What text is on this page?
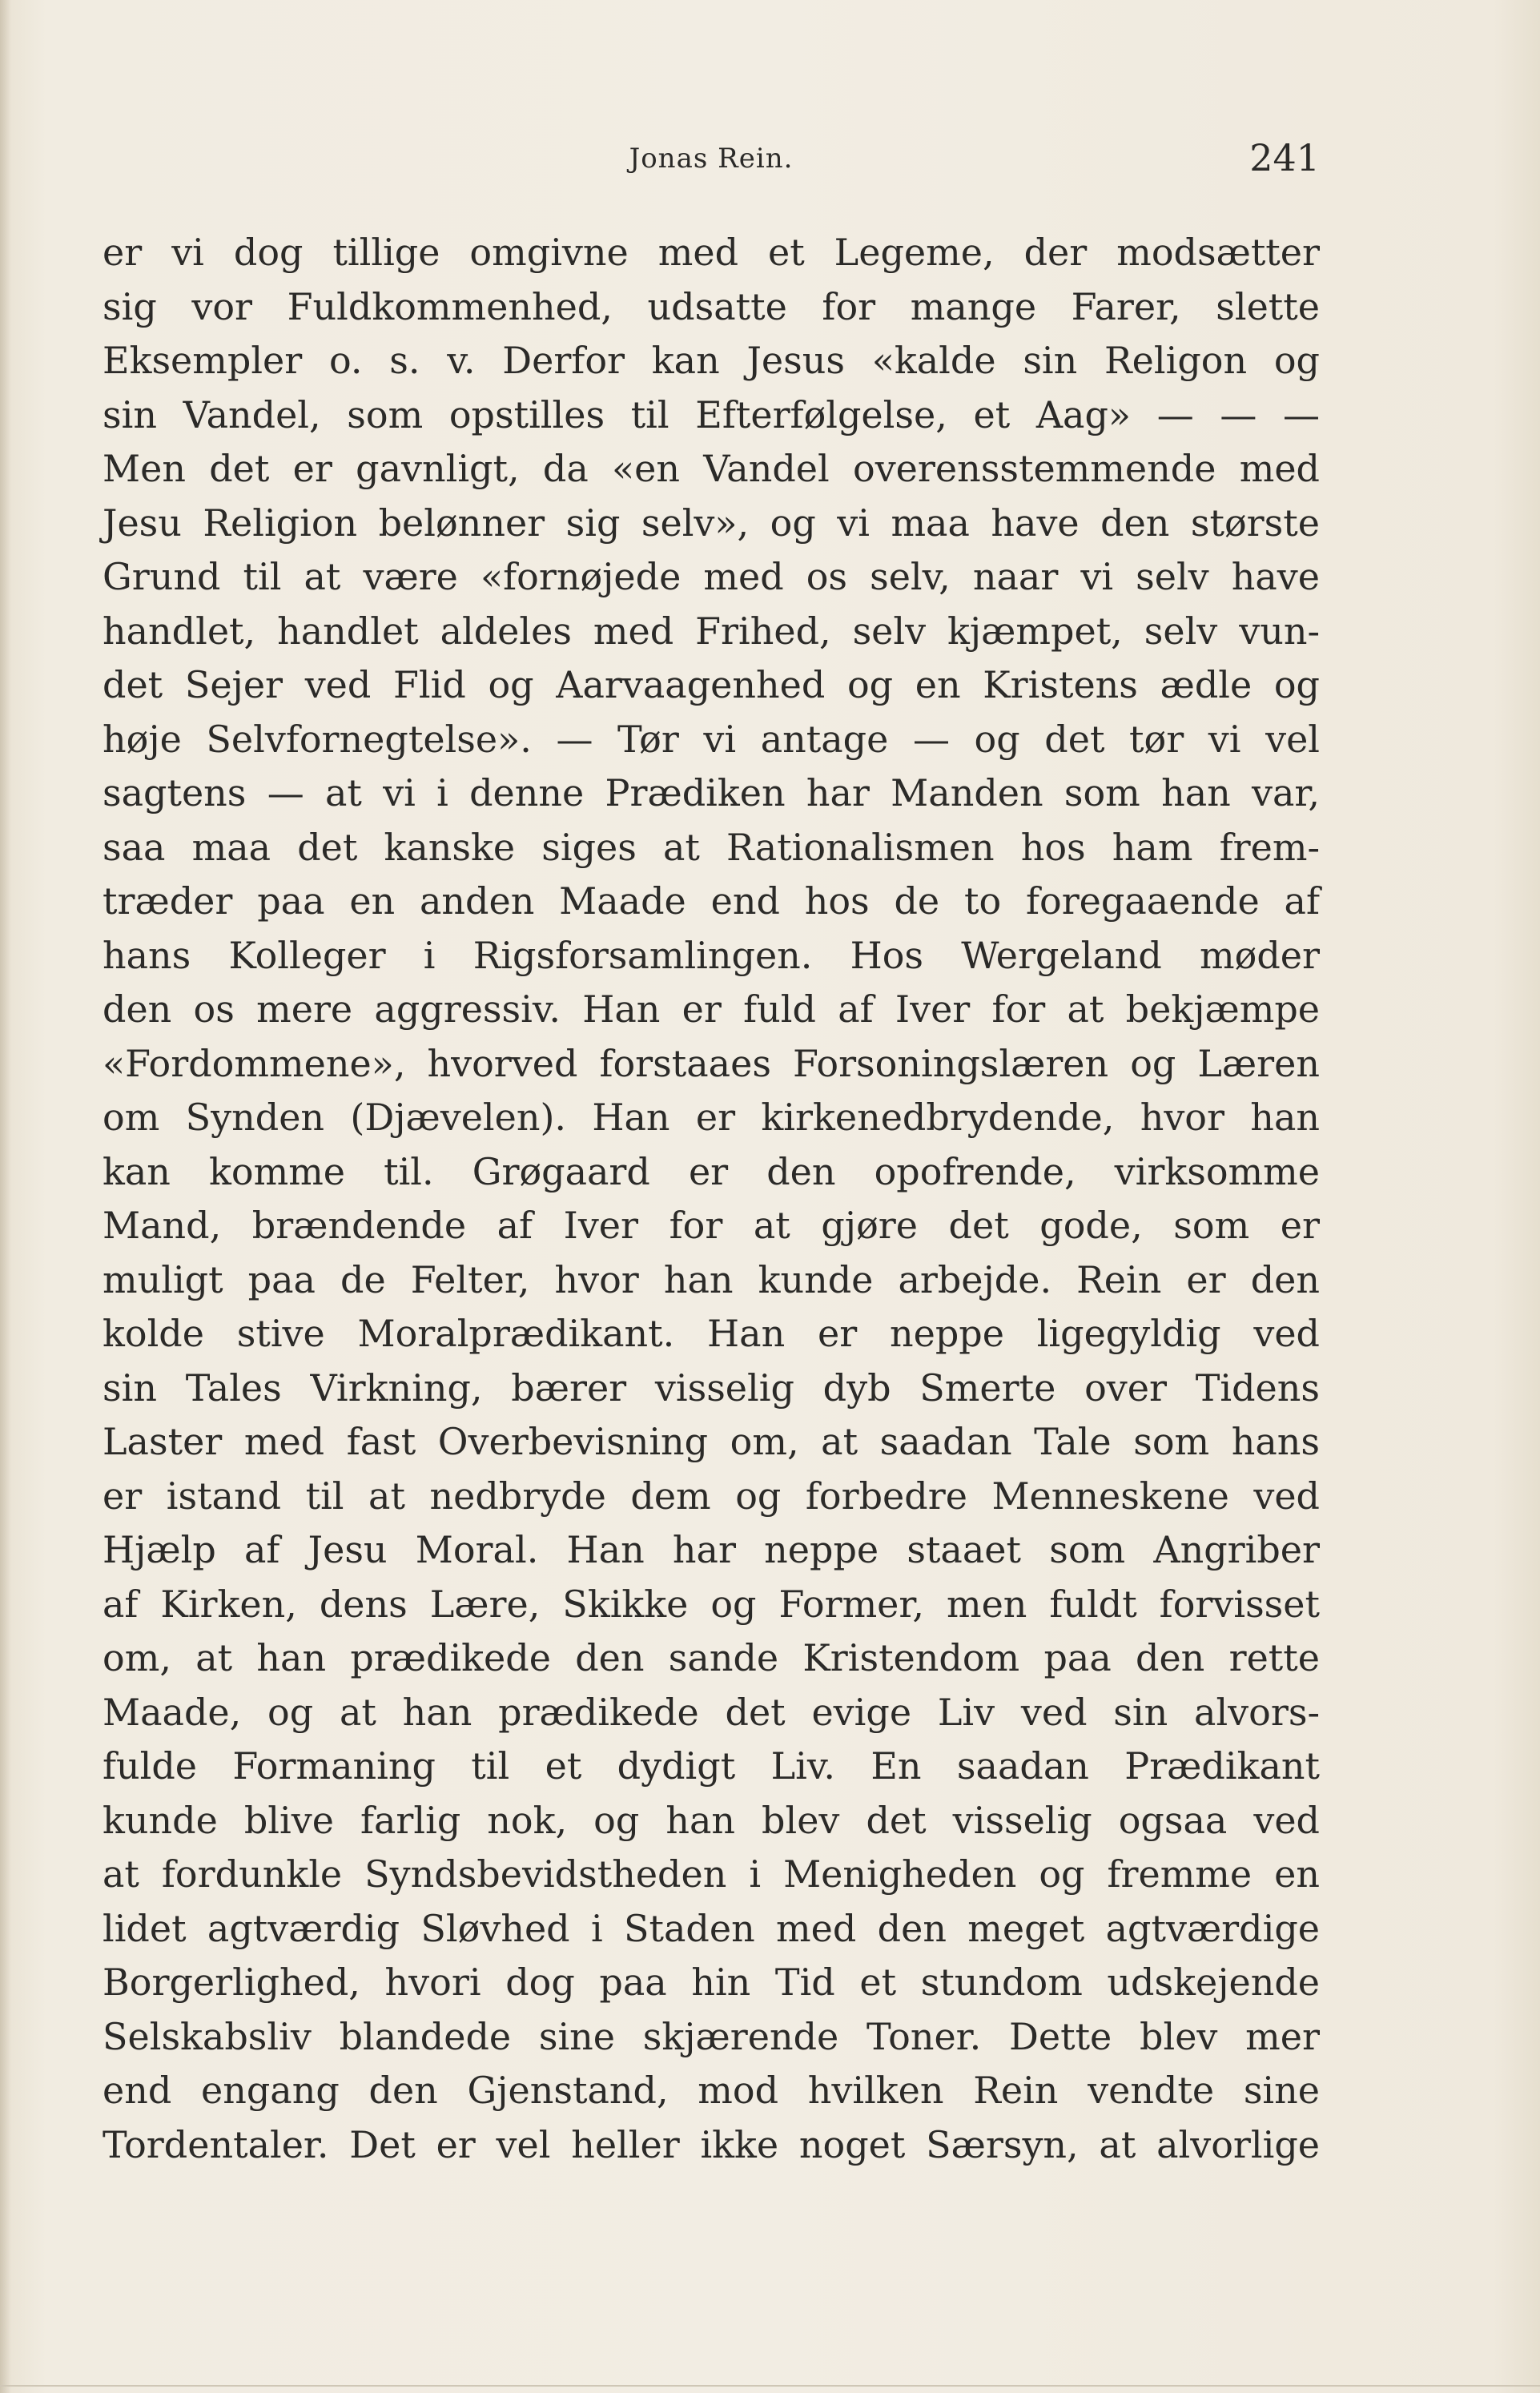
Jonas Rein.	241
er vi dog tillige omgivne med et Legeme, der modsætter
sig vor Fuldkommenhed, udsatte for mange Farer, slette
Eksempler o. s. v. Derfor kan Jesus «kalde sin Religon og
sin Vandel, som opstilles til Efterfølgelse, et Aag» — — —
Men det er gavnligt, da «en Vandel overensstemmende med
Jesu Religion belønner sig selv», og vi maa have den største
Grund til at være «fornøjede med os selv, naar vi selv have
handlet, handlet aldeles med Frihed, selv kjæmpet, selv vun-
det Sejer ved Flid og Aarvaagenhed og en Kristens ædle og
høje Selvfornegtelse». — Tør vi antage — og det tør vi vel
sagtens — at vi i denne Prædiken har Manden som han var,
saa maa det kanske siges at Rationalismen hos ham frem-
træder paa en anden Maade end hos de to foregaaende af
hans Kolleger i Rigsforsamlingen. Hos Wergeland møder
den os mere aggressiv. Han er fuld af Iver for at bekjæmpe
«Fordommene», hvorved forstaaes Forsoningslæren og Læren
om Synden (Djævelen). Han er kirkenedbrydende, hvor han
kan komme til. Grøgaard er den opofrende, virksomme
Mand, brændende af Iver for at gjøre det gode, som er
muligt paa de Felter, hvor han kunde arbejde. Rein er den
kolde stive Moralprædikant. Han er neppe ligegyldig ved
sin Tales Virkning, bærer visselig dyb Smerte over Tidens
Laster med fast Overbevisning om, at saadan Tale som hans
er istand til at nedbryde dem og forbedre Menneskene ved
Hjælp af Jesu Moral. Han har neppe staaet som Angriber
af Kirken, dens Lære, Skikke og Former, men fuldt forvisset
om, at han prædikede den sande Kristendom paa den rette
Maade, og at han prædikede det evige Liv ved sin alvors-
fulde Formaning til et dydigt Liv. En saadan Prædikant
kunde blive farlig nok, og han blev det visselig ogsaa ved
at fordunkle Syndsbevidstheden i Menigheden og fremme en
lidet agtværdig Sløvhed i Staden med den meget agtværdige
Borgerlighed, hvori dog paa hin Tid et stundom udskejende
Selskabsliv blandede sine skjærende Toner. Dette blev mer
end engang den Gjenstand, mod hvilken Rein vendte sine
Tordentaler. Det er vel heller ikke noget Særsyn, at alvorlige
